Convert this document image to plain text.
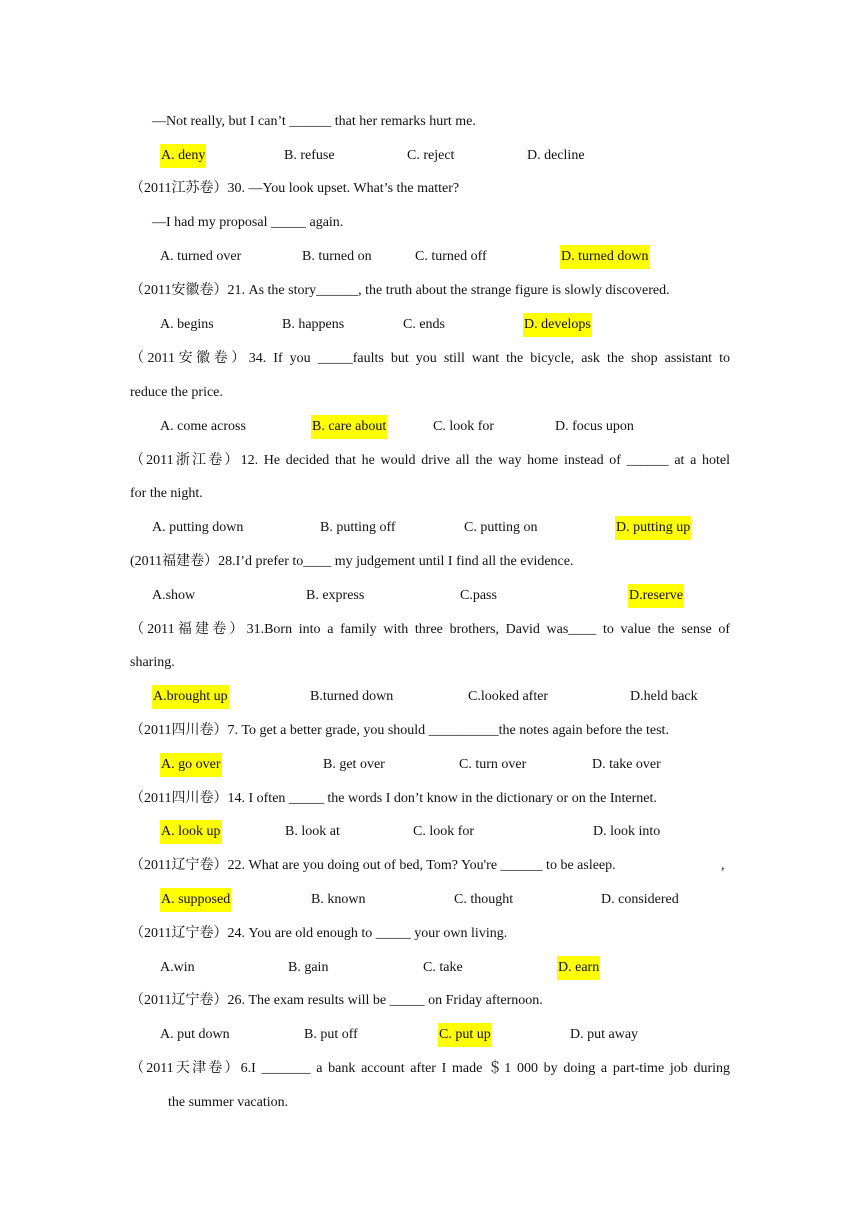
—Not really, but I can’t ______ that her remarks hurt me.
A. deny	B. refuse	C. reject	D. decline
（2011江苏卷）30. —You look upset. What’s the matter?
—I had my proposal _____ again.
A. turned over	B. turned on	C. turned off	D. turned down
（2011安徽卷）21. As the story______, the truth about the strange figure is slowly discovered.
A. begins	B. happens	C. ends	D. develops
（2011安徽卷）34. If you _____faults but you still want the bicycle, ask the shop assistant to
reduce the price.
A. come across	B. care about	C. look for	D. focus upon
（2011浙江卷）12. He decided that he would drive all the way home instead of ______ at a hotel
for the night.
A. putting down	B. putting off	C. putting on	D. putting up
(2011福建卷）28.I’d prefer to____ my judgement until I find all the evidence.
A.show	B. express	C.pass	D.reserve
（2011福建卷）31.Born into a family with three brothers, David was____ to value the sense of
sharing.
A.brought up	B.turned down	C.looked after	D.held back
（2011四川卷）7. To get a better grade, you should __________the notes again before the test.
A. go over	B. get over	C. turn over	D. take over
（2011四川卷）14. I often _____ the words I don’t know in the dictionary or on the Internet.
A. look up	B. look at	C. look for	D. look into
（2011辽宁卷）22. What are you doing out of bed, Tom? You're ______ to be asleep.	,
A. supposed	B. known	C. thought	D. considered
（2011辽宁卷）24. You are old enough to _____ your own living.
A.win	B. gain	C. take	D. earn
（2011辽宁卷）26. The exam results will be _____ on Friday afternoon.
A. put down	B. put off	C. put up	D. put away
（2011天津卷）6.I _______ a bank account after I made ＄1 000 by doing a part-time job during
the summer vacation.
